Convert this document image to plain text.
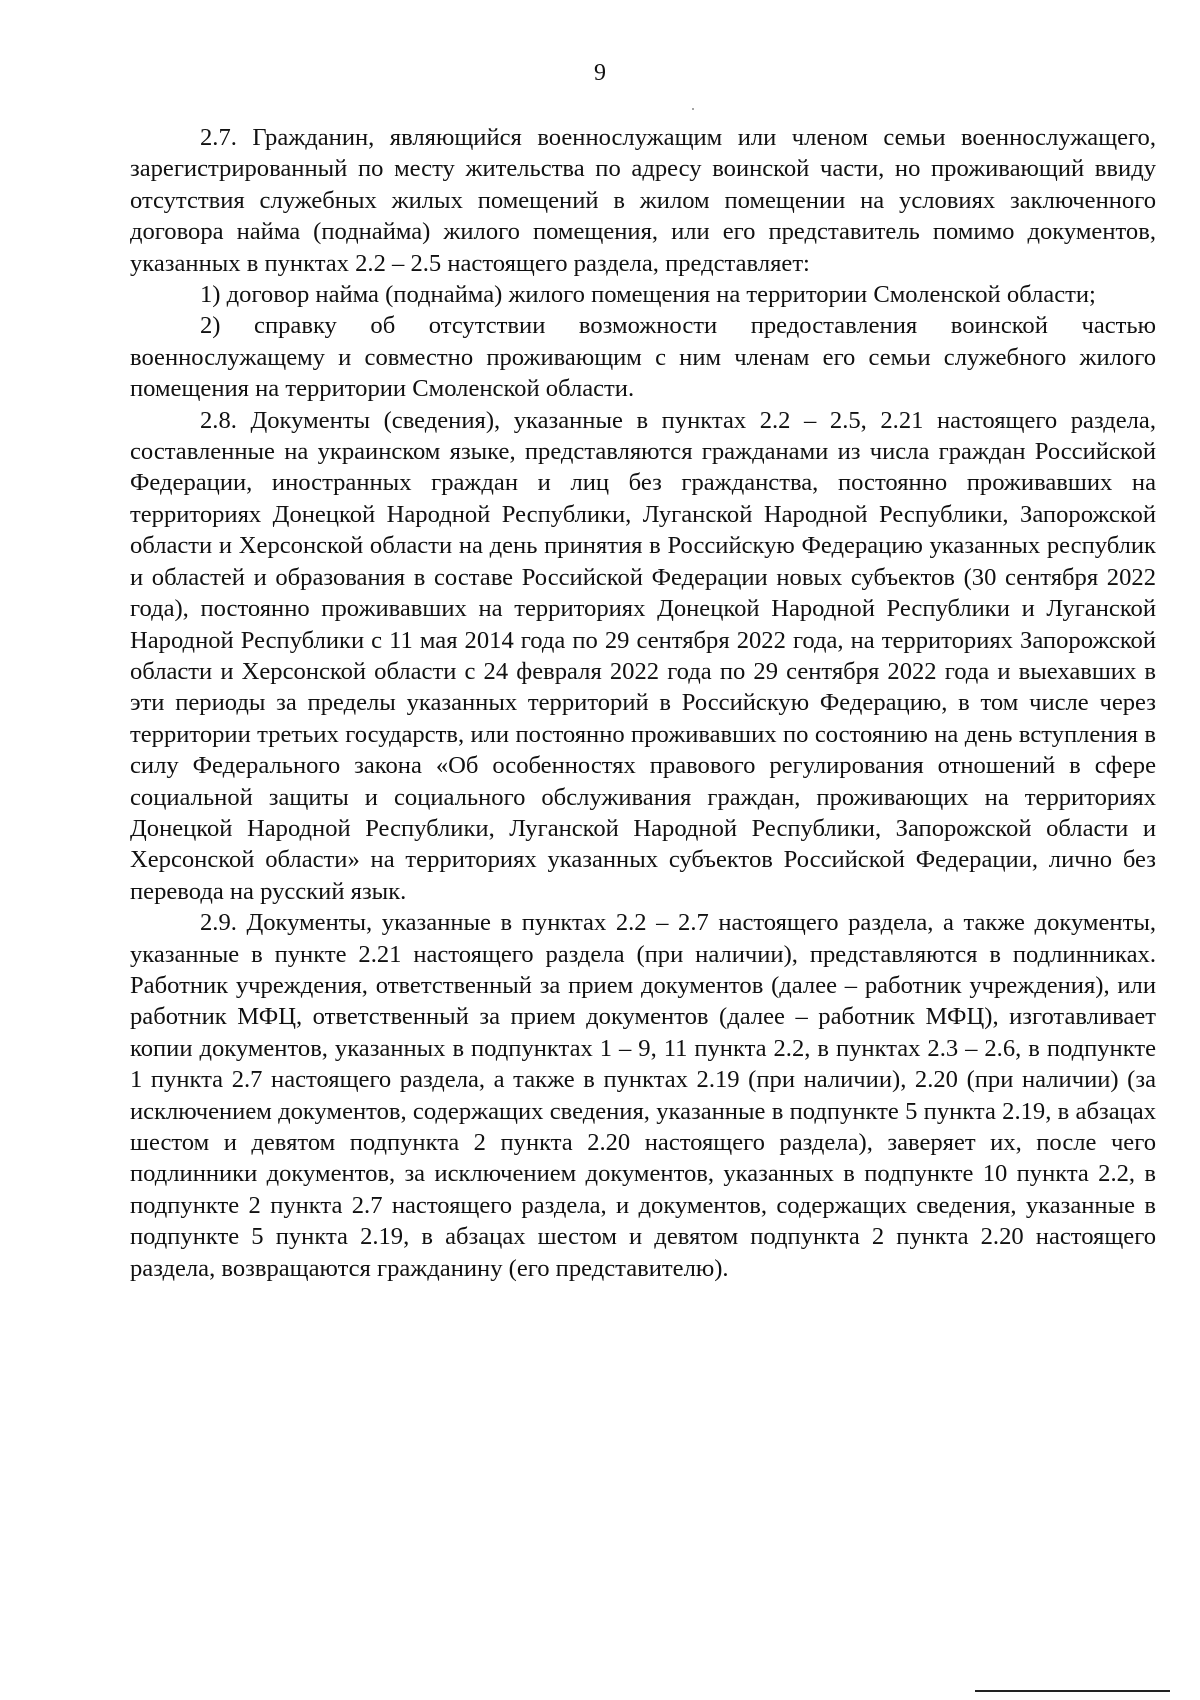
9

2.7. Гражданин, являющийся военнослужащим или членом семьи военнослужащего, зарегистрированный по месту жительства по адресу воинской части, но проживающий ввиду отсутствия служебных жилых помещений в жилом помещении на условиях заключенного договора найма (поднайма) жилого помещения, или его представитель помимо документов, указанных в пунктах 2.2 – 2.5 настоящего раздела, представляет:

1) договор найма (поднайма) жилого помещения на территории Смоленской области;

2) справку об отсутствии возможности предоставления воинской частью военнослужащему и совместно проживающим с ним членам его семьи служебного жилого помещения на территории Смоленской области.

2.8. Документы (сведения), указанные в пунктах 2.2 – 2.5, 2.21 настоящего раздела, составленные на украинском языке, представляются гражданами из числа граждан Российской Федерации, иностранных граждан и лиц без гражданства, постоянно проживавших на территориях Донецкой Народной Республики, Луганской Народной Республики, Запорожской области и Херсонской области на день принятия в Российскую Федерацию указанных республик и областей и образования в составе Российской Федерации новых субъектов (30 сентября 2022 года), постоянно проживавших на территориях Донецкой Народной Республики и Луганской Народной Республики с 11 мая 2014 года по 29 сентября 2022 года, на территориях Запорожской области и Херсонской области с 24 февраля 2022 года по 29 сентября 2022 года и выехавших в эти периоды за пределы указанных территорий в Российскую Федерацию, в том числе через территории третьих государств, или постоянно проживавших по состоянию на день вступления в силу Федерального закона «Об особенностях правового регулирования отношений в сфере социальной защиты и социального обслуживания граждан, проживающих на территориях Донецкой Народной Республики, Луганской Народной Республики, Запорожской области и Херсонской области» на территориях указанных субъектов Российской Федерации, лично без перевода на русский язык.

2.9. Документы, указанные в пунктах 2.2 – 2.7 настоящего раздела, а также документы, указанные в пункте 2.21 настоящего раздела (при наличии), представляются в подлинниках. Работник учреждения, ответственный за прием документов (далее – работник учреждения), или работник МФЦ, ответственный за прием документов (далее – работник МФЦ), изготавливает копии документов, указанных в подпунктах 1 – 9, 11 пункта 2.2, в пунктах 2.3 – 2.6, в подпункте 1 пункта 2.7 настоящего раздела, а также в пунктах 2.19 (при наличии), 2.20 (при наличии) (за исключением документов, содержащих сведения, указанные в подпункте 5 пункта 2.19, в абзацах шестом и девятом подпункта 2 пункта 2.20 настоящего раздела), заверяет их, после чего подлинники документов, за исключением документов, указанных в подпункте 10 пункта 2.2, в подпункте 2 пункта 2.7 настоящего раздела, и документов, содержащих сведения, указанные в подпункте 5 пункта 2.19, в абзацах шестом и девятом подпункта 2 пункта 2.20 настоящего раздела, возвращаются гражданину (его представителю).
